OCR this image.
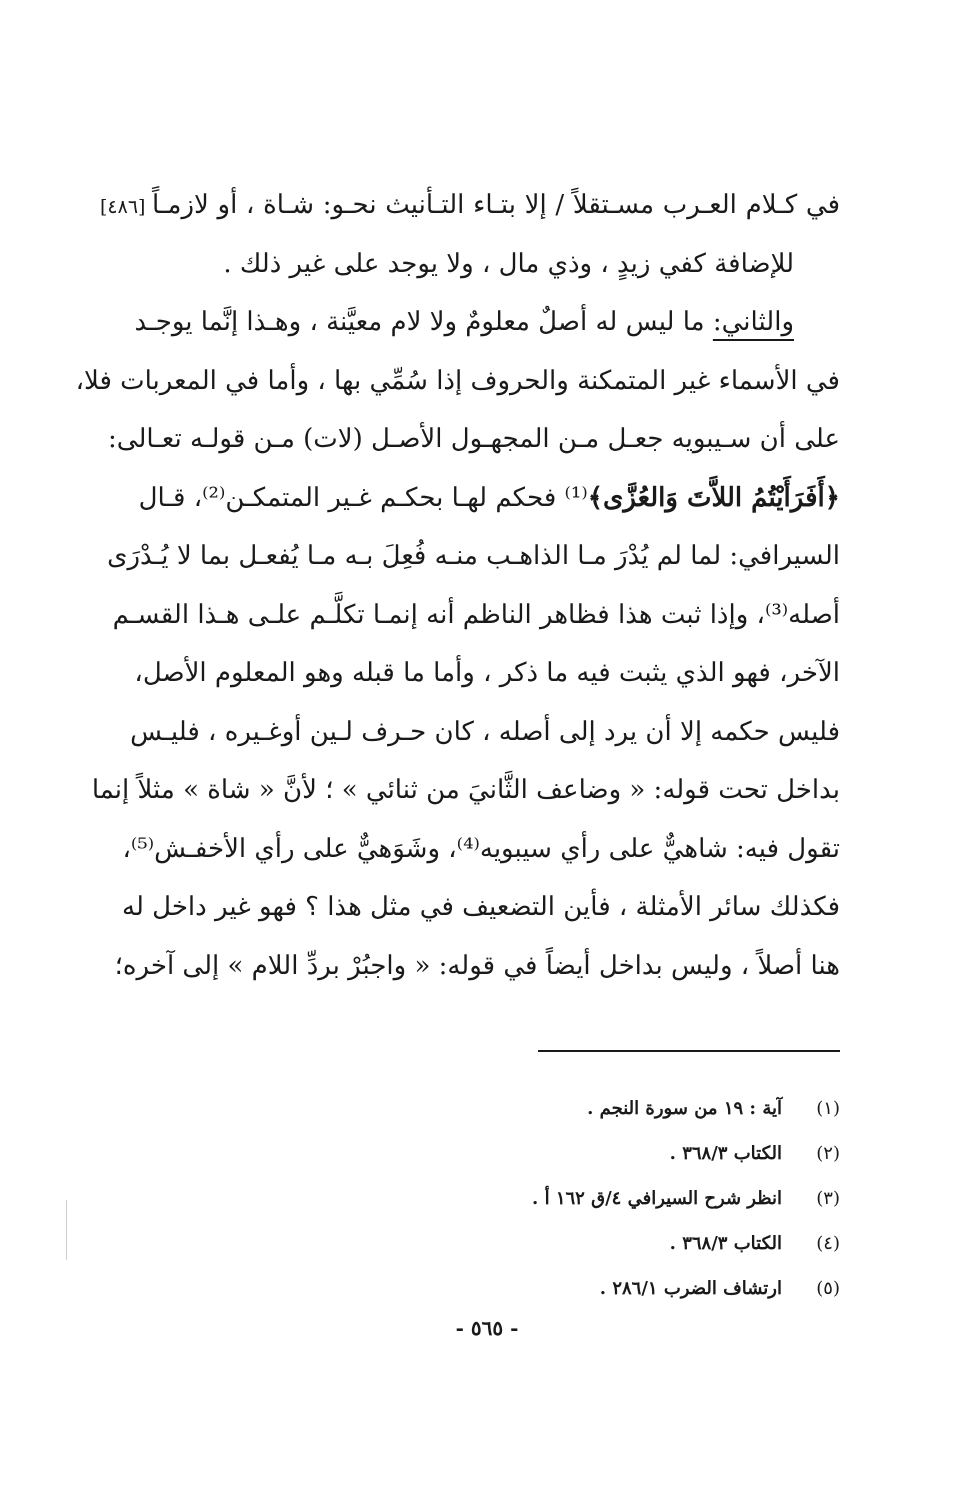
[٤٨٦] في كـلام العـرب مسـتقلاً / إلا بتـاء التـأنيث نحـو: شـاة ، أو لازمـاً
للإضافة كفي زيدٍ ، وذي مال ، ولا يوجد على غير ذلك .
والثاني: ما ليس له أصلٌ معلومٌ ولا لام معيَّنة ، وهـذا إنَّما يوجـد
في الأسماء غير المتمكنة والحروف إذا سُمِّي بها ، وأما في المعربات فلا،
على أن سـيبويه جعـل مـن المجهـول الأصـل (لات) مـن قولـه تعـالى:
﴿أَفَرَأَيْتُمُ اللاَّتَ وَالعُزَّى﴾⁽¹⁾ فحكم لهـا بحكـم غـير المتمكـن⁽²⁾، قـال
السيرافي: لما لم يُدْرَ مـا الذاهـب منـه فُعِلَ بـه مـا يُفعـل بما لا يُـدْرَى
أصله⁽³⁾، وإذا ثبت هذا فظاهر الناظم أنه إنمـا تكلَّـم علـى هـذا القسـم
الآخر، فهو الذي يثبت فيه ما ذكر ، وأما ما قبله وهو المعلوم الأصل،
فليس حكمه إلا أن يرد إلى أصله ، كان حـرف لـين أوغـيره ، فليـس
بداخل تحت قوله: « وضاعف الثَّانيَ من ثنائي » ؛ لأنَّ « شاة » مثلاً إنما
تقول فيه: شاهيٌّ على رأي سيبويه⁽⁴⁾، وشَوَهيٌّ على رأي الأخفـش⁽⁵⁾،
فكذلك سائر الأمثلة ، فأين التضعيف في مثل هذا ؟ فهو غير داخل له
هنا أصلاً ، وليس بداخل أيضاً في قوله: « واجبُرْ بردِّ اللام » إلى آخره؛
(١)
آية : ١٩ من سورة النجم .
(٢)
الكتاب ٣٦٨/٣ .
(٣)
انظر شرح السيرافي ٤/ق ١٦٢ أ .
(٤)
الكتاب ٣٦٨/٣ .
(٥)
ارتشاف الضرب ٢٨٦/١ .
- ٥٦٥ -
